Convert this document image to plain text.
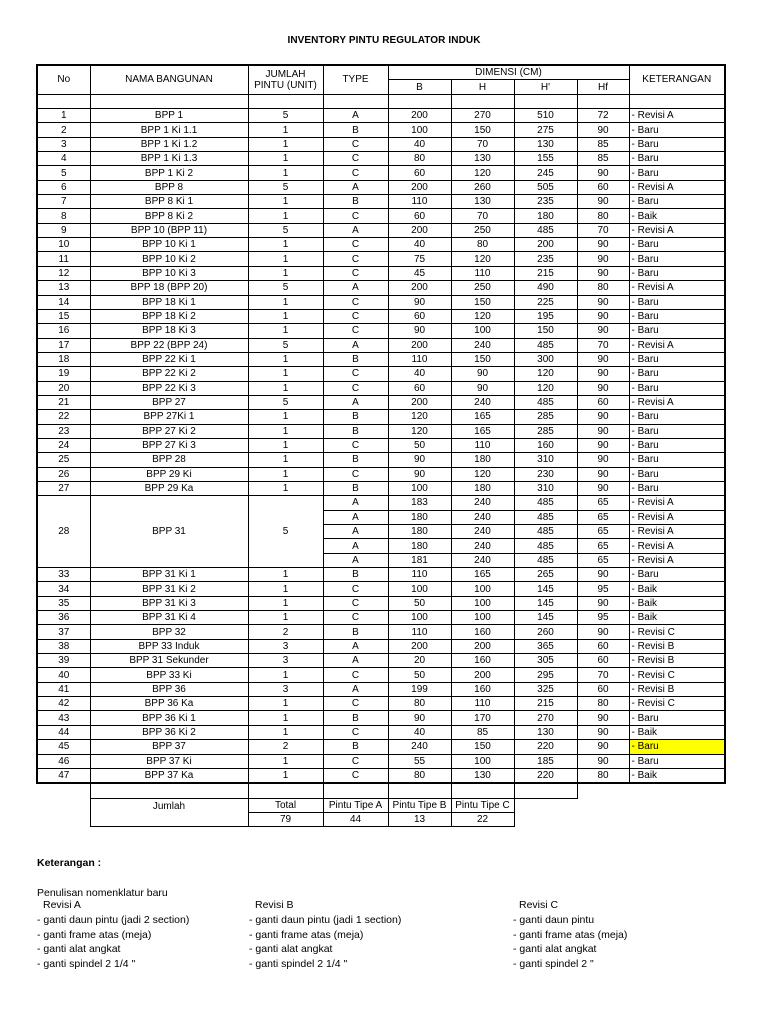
INVENTORY PINTU REGULATOR INDUK
No	NAMA BANGUNAN	JUMLAH
PINTU (UNIT)	TYPE	DIMENSI (CM)				KETERANGAN
				B	H	H'	Hf	

1	BPP 1	5	A	200	270	510	72	- Revisi A
2	BPP 1 Ki 1.1	1	B	100	150	275	90	- Baru
3	BPP 1 Ki 1.2	1	C	40	70	130	85	- Baru
4	BPP 1 Ki 1.3	1	C	80	130	155	85	- Baru
5	BPP 1 Ki 2	1	C	60	120	245	90	- Baru
6	BPP 8	5	A	200	260	505	60	- Revisi A
7	BPP 8 Ki 1	1	B	110	130	235	90	- Baru
8	BPP 8 Ki 2	1	C	60	70	180	80	- Baik
9	BPP 10 (BPP 11)	5	A	200	250	485	70	- Revisi A
10	BPP 10 Ki 1	1	C	40	80	200	90	- Baru
11	BPP 10 Ki 2	1	C	75	120	235	90	- Baru
12	BPP 10 Ki 3	1	C	45	110	215	90	- Baru
13	BPP 18 (BPP 20)	5	A	200	250	490	80	- Revisi A
14	BPP 18 Ki 1	1	C	90	150	225	90	- Baru
15	BPP 18 Ki 2	1	C	60	120	195	90	- Baru
16	BPP 18 Ki 3	1	C	90	100	150	90	- Baru
17	BPP 22 (BPP 24)	5	A	200	240	485	70	- Revisi A
18	BPP 22 Ki 1	1	B	110	150	300	90	- Baru
19	BPP 22 Ki 2	1	C	40	90	120	90	- Baru
20	BPP 22 Ki 3	1	C	60	90	120	90	- Baru
21	BPP 27	5	A	200	240	485	60	- Revisi A
22	BPP 27Ki 1	1	B	120	165	285	90	- Baru
23	BPP 27 Ki 2	1	B	120	165	285	90	- Baru
24	BPP 27 Ki 3	1	C	50	110	160	90	- Baru
25	BPP 28	1	B	90	180	310	90	- Baru
26	BPP 29 Ki	1	C	90	120	230	90	- Baru
27	BPP 29 Ka	1	B	100	180	310	90	- Baru
28	BPP 31	5	A	183	240	485	65	- Revisi A
			A	180	240	485	65	- Revisi A
			A	180	240	485	65	- Revisi A
			A	180	240	485	65	- Revisi A
			A	181	240	485	65	- Revisi A
33	BPP 31 Ki 1	1	B	110	165	265	90	- Baru
34	BPP 31 Ki 2	1	C	100	100	145	95	- Baik
35	BPP 31 Ki 3	1	C	50	100	145	90	- Baik
36	BPP 31 Ki 4	1	C	100	100	145	95	- Baik
37	BPP 32	2	B	110	160	260	90	- Revisi C
38	BPP 33 Induk	3	A	200	200	365	60	- Revisi B
39	BPP 31 Sekunder	3	A	20	160	305	60	- Revisi B
40	BPP 33 Ki	1	C	50	200	295	70	- Revisi C
41	BPP 36	3	A	199	160	325	60	- Revisi B
42	BPP 36 Ka	1	C	80	110	215	80	- Revisi C
43	BPP 36 Ki 1	1	B	90	170	270	90	- Baru
44	BPP 36 Ki 2	1	C	40	85	130	90	- Baik
45	BPP 37	2	B	240	150	220	90	- Baru
46	BPP 37 Ki	1	C	55	100	185	90	- Baru
47	BPP 37 Ka	1	C	80	130	220	80	- Baik

	Jumlah	Total	Pintu Tipe A	Pintu Tipe B	Pintu Tipe C			
		79	44	13	22			
Keterangan :
Penulisan nomenklatur baru
Revisi A
- ganti daun pintu (jadi 2 section)
- ganti frame atas (meja)
- ganti alat angkat
- ganti spindel 2 1/4 "
Revisi B
- ganti daun pintu (jadi 1 section)
- ganti frame atas (meja)
- ganti alat angkat
- ganti spindel 2 1/4 "
Revisi C
- ganti daun pintu
- ganti frame atas (meja)
- ganti alat angkat
- ganti spindel 2 "
